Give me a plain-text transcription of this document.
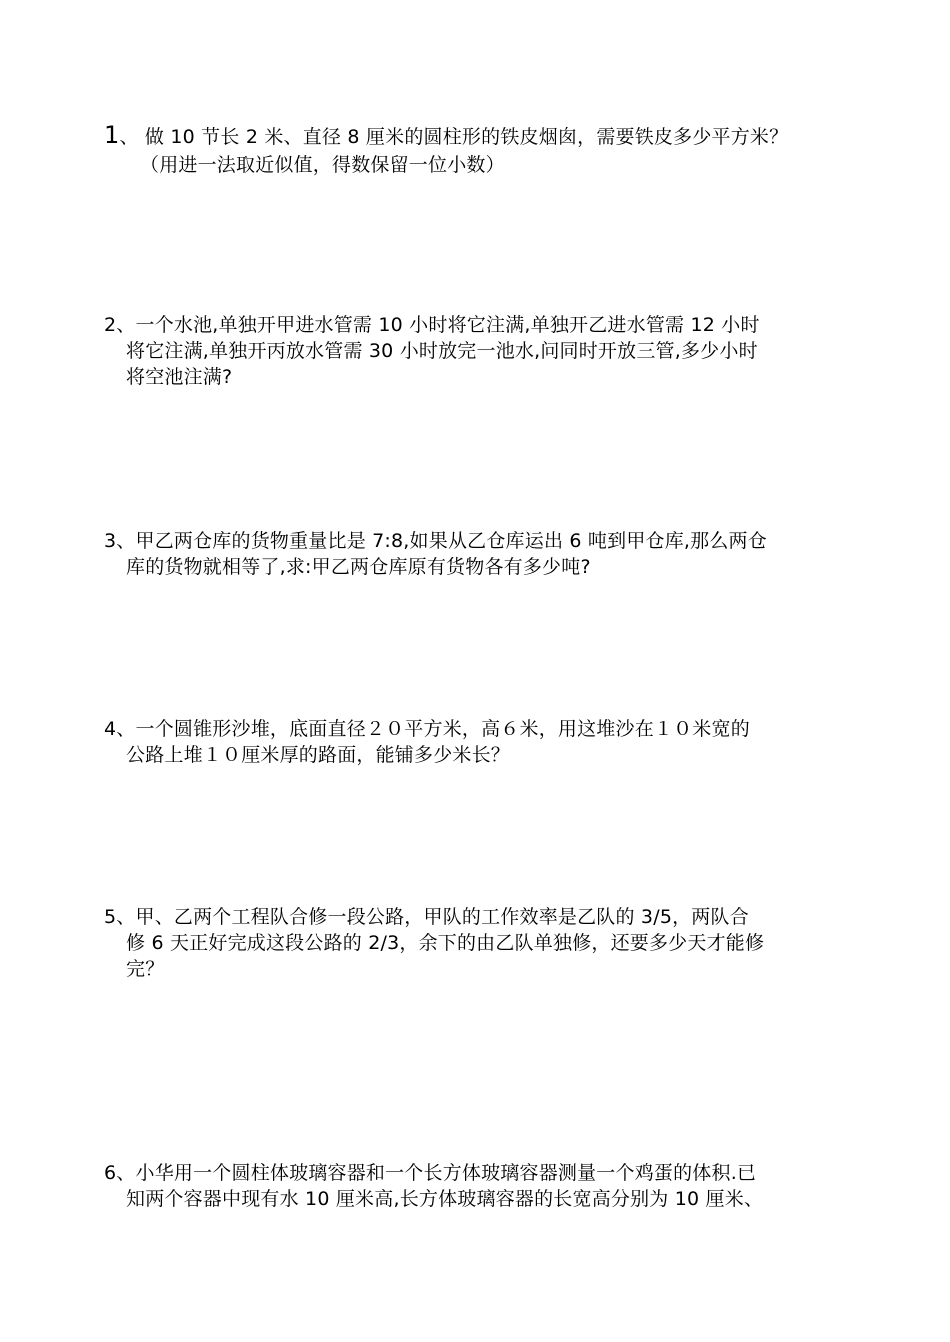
1、 做 10 节长 2 米、直径 8 厘米的圆柱形的铁皮烟囱，需要铁皮多少平方米？
（用进一法取近似值，得数保留一位小数）
2、一个水池,单独开甲进水管需 10 小时将它注满,单独开乙进水管需 12 小时
将它注满,单独开丙放水管需 30 小时放完一池水,问同时开放三管,多少小时
将空池注满?
3、甲乙两仓库的货物重量比是 7:8,如果从乙仓库运出 6 吨到甲仓库,那么两仓
库的货物就相等了,求:甲乙两仓库原有货物各有多少吨?
4、一个圆锥形沙堆，底面直径２０平方米，高６米，用这堆沙在１０米宽的
公路上堆１０厘米厚的路面，能铺多少米长？
5、甲、乙两个工程队合修一段公路，甲队的工作效率是乙队的 3/5，两队合
修 6 天正好完成这段公路的 2/3，余下的由乙队单独修，还要多少天才能修
完？
6、小华用一个圆柱体玻璃容器和一个长方体玻璃容器测量一个鸡蛋的体积.已
知两个容器中现有水 10 厘米高,长方体玻璃容器的长宽高分别为 10 厘米、
